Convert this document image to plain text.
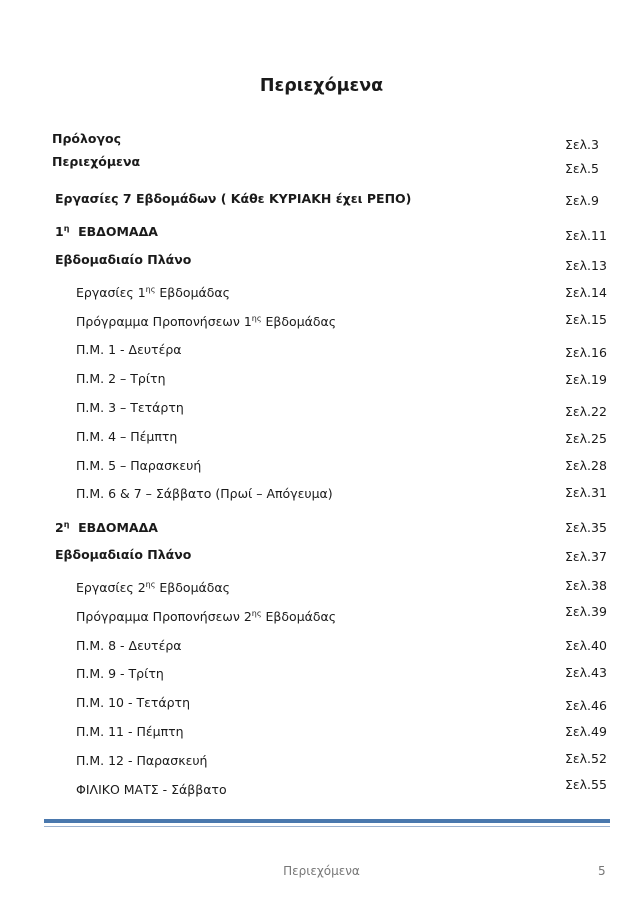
Περιεχόμενα
Πρόλογος	Σελ.3
Περιεχόμενα	Σελ.5
Εργασίες 7 Εβδομάδων ( Κάθε ΚΥΡΙΑΚΗ έχει ΡΕΠΟ)	Σελ.9
$1^\eta$  ΕΒΔΟΜΑΔΑ	Σελ.11
Εβδομαδιαίο Πλάνο	Σελ.13
Εργασίες $1^{\eta\varsigma}$ Εβδομάδας	Σελ.14
Πρόγραμμα Προπονήσεων $1^{\eta\varsigma}$ Εβδομάδας	Σελ.15
Π.Μ. 1 - Δευτέρα	Σελ.16
Π.Μ. 2 – Τρίτη	Σελ.19
Π.Μ. 3 – Τετάρτη	Σελ.22
Π.Μ. 4 – Πέμπτη	Σελ.25
Π.Μ. 5 – Παρασκευή	Σελ.28
Π.Μ. 6 & 7 – Σάββατο (Πρωί – Απόγευμα)	Σελ.31
$2^\eta$  ΕΒΔΟΜΑΔΑ	Σελ.35
Εβδομαδιαίο Πλάνο	Σελ.37
Εργασίες $2^{\eta\varsigma}$ Εβδομάδας	Σελ.38
Πρόγραμμα Προπονήσεων $2^{\eta\varsigma}$ Εβδομάδας	Σελ.39
Π.Μ. 8 - Δευτέρα	Σελ.40
Π.Μ. 9 - Τρίτη	Σελ.43
Π.Μ. 10 - Τετάρτη	Σελ.46
Π.Μ. 11 - Πέμπτη	Σελ.49
Π.Μ. 12 - Παρασκευή	Σελ.52
ΦΙΛΙΚΟ ΜΑΤΣ - Σάββατο	Σελ.55
Περιεχόμενα	5
